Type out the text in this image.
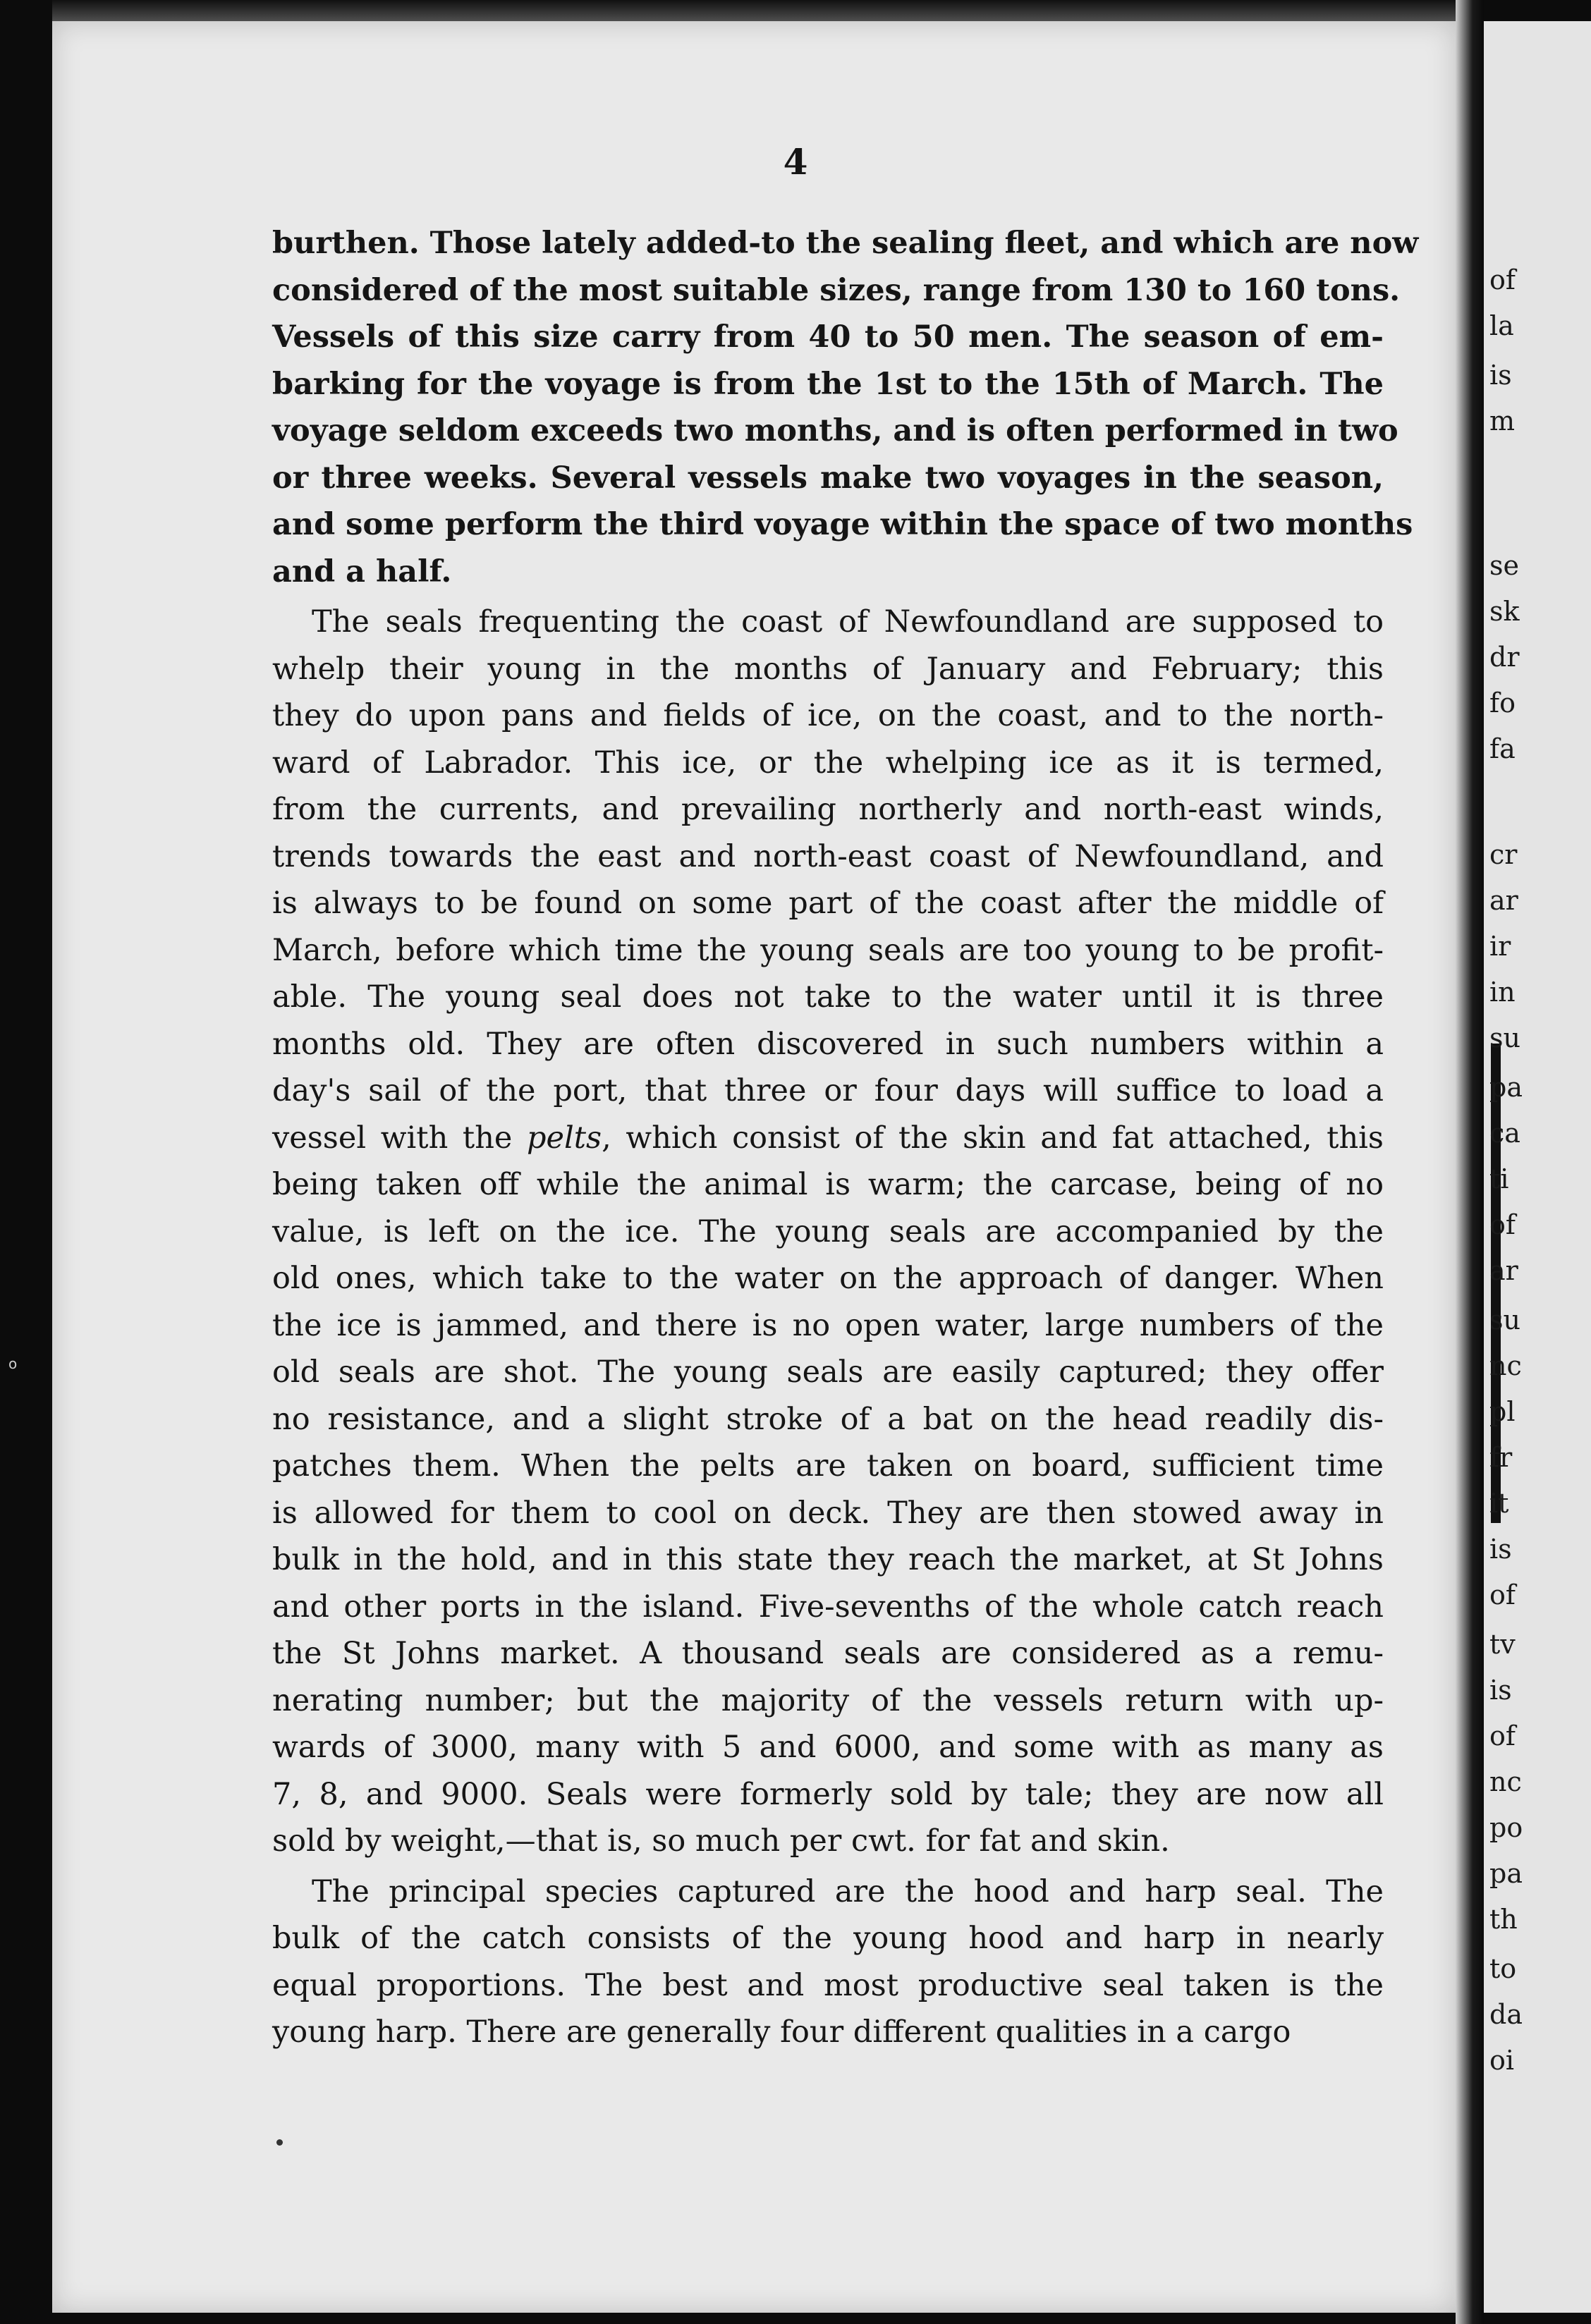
of
la
is
m
se
sk
dr
fo
fa
cr
ar
ir
in
su
pa
ca
ti
of
ar
su
nc
pl
fr
it
is
of
tv
is
of
nc
po
pa
th
to
da
oi
o
4
burthen. Those lately added-to the sealing fleet, and which are now
considered of the most suitable sizes, range from 130 to 160 tons.
Vessels of this size carry from 40 to 50 men. The season of em-
barking for the voyage is from the 1st to the 15th of March. The
voyage seldom exceeds two months, and is often performed in two
or three weeks. Several vessels make two voyages in the season,
and some perform the third voyage within the space of two months
and a half.
The seals frequenting the coast of Newfoundland are supposed to
whelp their young in the months of January and February; this
they do upon pans and fields of ice, on the coast, and to the north-
ward of Labrador. This ice, or the whelping ice as it is termed,
from the currents, and prevailing northerly and north-east winds,
trends towards the east and north-east coast of Newfoundland, and
is always to be found on some part of the coast after the middle of
March, before which time the young seals are too young to be profit-
able. The young seal does not take to the water until it is three
months old. They are often discovered in such numbers within a
day's sail of the port, that three or four days will suffice to load a
vessel with the pelts, which consist of the skin and fat attached, this
being taken off while the animal is warm; the carcase, being of no
value, is left on the ice. The young seals are accompanied by the
old ones, which take to the water on the approach of danger. When
the ice is jammed, and there is no open water, large numbers of the
old seals are shot. The young seals are easily captured; they offer
no resistance, and a slight stroke of a bat on the head readily dis-
patches them. When the pelts are taken on board, sufficient time
is allowed for them to cool on deck. They are then stowed away in
bulk in the hold, and in this state they reach the market, at St Johns
and other ports in the island. Five-sevenths of the whole catch reach
the St Johns market. A thousand seals are considered as a remu-
nerating number; but the majority of the vessels return with up-
wards of 3000, many with 5 and 6000, and some with as many as
7, 8, and 9000. Seals were formerly sold by tale; they are now all
sold by weight,—that is, so much per cwt. for fat and skin.
The principal species captured are the hood and harp seal. The
bulk of the catch consists of the young hood and harp in nearly
equal proportions. The best and most productive seal taken is the
young harp. There are generally four different qualities in a cargo
